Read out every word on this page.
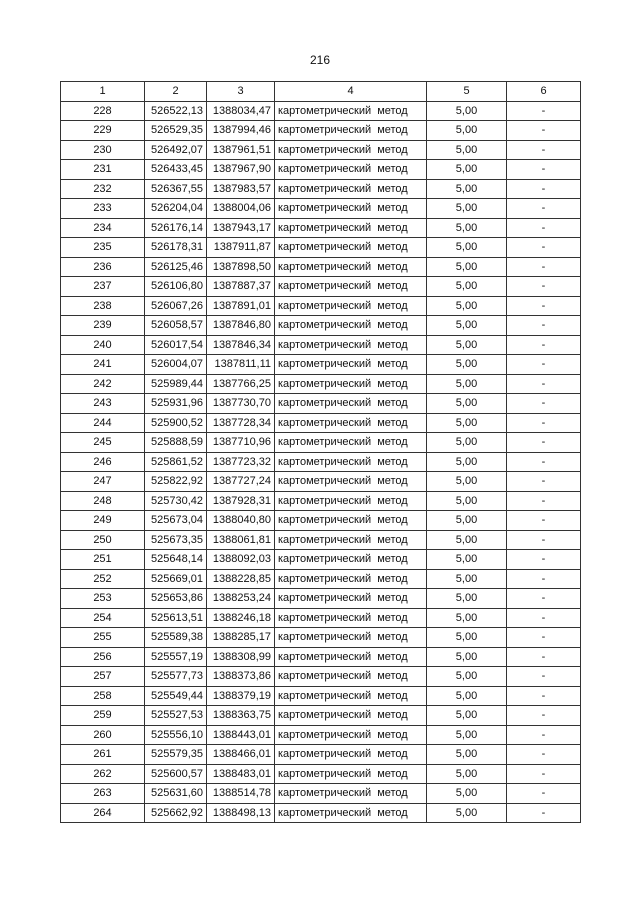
216
1	2	3	4	5	6
228	526522,13	1388034,47	картометрический метод	5,00	-
229	526529,35	1387994,46	картометрический метод	5,00	-
230	526492,07	1387961,51	картометрический метод	5,00	-
231	526433,45	1387967,90	картометрический метод	5,00	-
232	526367,55	1387983,57	картометрический метод	5,00	-
233	526204,04	1388004,06	картометрический метод	5,00	-
234	526176,14	1387943,17	картометрический метод	5,00	-
235	526178,31	1387911,87	картометрический метод	5,00	-
236	526125,46	1387898,50	картометрический метод	5,00	-
237	526106,80	1387887,37	картометрический метод	5,00	-
238	526067,26	1387891,01	картометрический метод	5,00	-
239	526058,57	1387846,80	картометрический метод	5,00	-
240	526017,54	1387846,34	картометрический метод	5,00	-
241	526004,07	1387811,11	картометрический метод	5,00	-
242	525989,44	1387766,25	картометрический метод	5,00	-
243	525931,96	1387730,70	картометрический метод	5,00	-
244	525900,52	1387728,34	картометрический метод	5,00	-
245	525888,59	1387710,96	картометрический метод	5,00	-
246	525861,52	1387723,32	картометрический метод	5,00	-
247	525822,92	1387727,24	картометрический метод	5,00	-
248	525730,42	1387928,31	картометрический метод	5,00	-
249	525673,04	1388040,80	картометрический метод	5,00	-
250	525673,35	1388061,81	картометрический метод	5,00	-
251	525648,14	1388092,03	картометрический метод	5,00	-
252	525669,01	1388228,85	картометрический метод	5,00	-
253	525653,86	1388253,24	картометрический метод	5,00	-
254	525613,51	1388246,18	картометрический метод	5,00	-
255	525589,38	1388285,17	картометрический метод	5,00	-
256	525557,19	1388308,99	картометрический метод	5,00	-
257	525577,73	1388373,86	картометрический метод	5,00	-
258	525549,44	1388379,19	картометрический метод	5,00	-
259	525527,53	1388363,75	картометрический метод	5,00	-
260	525556,10	1388443,01	картометрический метод	5,00	-
261	525579,35	1388466,01	картометрический метод	5,00	-
262	525600,57	1388483,01	картометрический метод	5,00	-
263	525631,60	1388514,78	картометрический метод	5,00	-
264	525662,92	1388498,13	картометрический метод	5,00	-
